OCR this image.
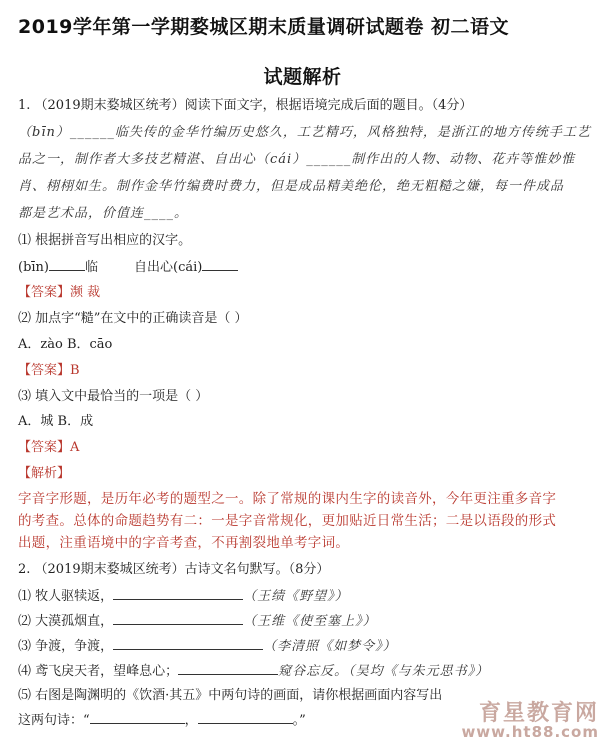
2019学年第一学期婺城区期末质量调研试题卷 初二语文
试题解析
1. （2019期末婺城区统考）阅读下面文字，根据语境完成后面的题目。（4分）
（bīn）______临失传的金华竹编历史悠久，工艺精巧，风格独特，是浙江的地方传统手工艺
品之一，制作者大多技艺精湛、自出心（cái）______制作出的人物、动物、花卉等惟妙惟
肖、栩栩如生。制作金华竹编费时费力，但是成品精美绝伦，绝无粗糙之嫌，每一件成品
都是艺术品，价值连____。
⑴ 根据拼音写出相应的汉字。
(bīn)	临	自出心(cái)
【答案】濒 裁
⑵ 加点字“糙”在文中的正确读音是（ ）
A．zào B．cāo
【答案】B
⑶ 填入文中最恰当的一项是（ ）
A．城 B．成
【答案】A
【解析】
字音字形题，是历年必考的题型之一。除了常规的课内生字的读音外，今年更注重多音字
的考查。总体的命题趋势有二：一是字音常规化，更加贴近日常生活；二是以语段的形式
出题，注重语境中的字音考查，不再割裂地单考字词。
2. （2019期末婺城区统考）古诗文名句默写。（8分）
⑴ 牧人驱犊返，	（王绩《野望》）
⑵ 大漠孤烟直，	（王维《使至塞上》）
⑶ 争渡，争渡，	（李清照《如梦令》）
⑷ 鸢飞戾天者，望峰息心；	窥谷忘反。（吴均《与朱元思书》）
⑸ 右图是陶渊明的《饮酒·其五》中两句诗的画面，请你根据画面内容写出
这两句诗：“	，	。”	育星教育网
www.ht88.com
